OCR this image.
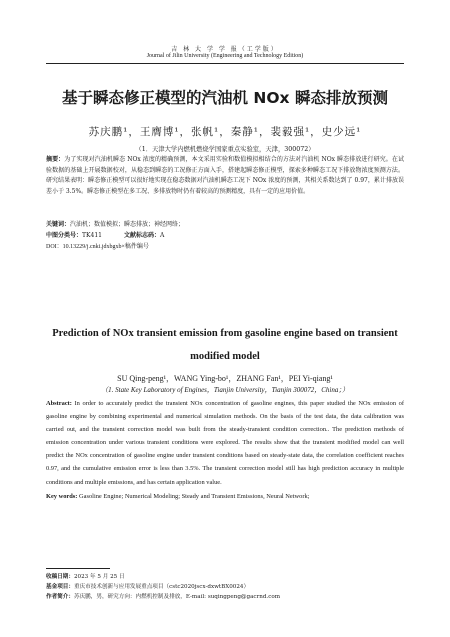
吉 林 大 学 学 报（工学版）
Journal of Jilin University (Engineering and Technology Edition)
基于瞬态修正模型的汽油机 NOx 瞬态排放预测
苏庆鹏¹，王膺博¹，张帆¹，秦静¹，裴毅强¹，史少远¹
（1．天津大学内燃机燃烧学国家重点实验室，天津，300072）
摘要：为了实现对汽油机瞬态 NOx 浓度的精确预测，本文采用实验和数值模拟相结合的方法对汽油机 NOx 瞬态排放进行研究。在试验数据的基础上开展数据校对，从稳态到瞬态的工况修正方面入手，搭建起瞬态修正模型，探索多种瞬态工况下排放物浓度预测方法。研究结果表明：瞬态修正模型可以很好地实现在稳态数据对汽油机瞬态工况下 NOx 浓度的预测，其相关系数达到了 0.97，累计排放误差小于 3.5%。瞬态修正模型在多工况、多排放物时仍有着较高的预测精度，具有一定的应用价值。
关键词：汽油机；数值模拟；瞬态排放；神经网络；
中图分类号：TK411	文献标志码：A
DOI：10.13229/j.cnki.jdxbgxb×稿件编号
Prediction of NOx transient emission from gasoline engine based on transient modified model
SU Qing-peng¹，WANG Ying-bo¹，ZHANG Fan¹，PEI Yi-qiang¹
（1. State Key Laboratory of Engines，Tianjin University，Tianjin 300072，China；）
Abstract: In order to accurately predict the transient NOx concentration of gasoline engines, this paper studied the NOx emission of gasoline engine by combining experimental and numerical simulation methods. On the basis of the test data, the data calibration was carried out, and the transient correction model was built from the steady-transient condition correction.. The prediction methods of emission concentration under various transient conditions were explored. The results show that the transient modified model can well predict the NOx concentration of gasoline engine under transient conditions based on steady-state data, the correlation coefficient reaches 0.97, and the cumulative emission error is less than 3.5%. The transient correction model still has high prediction accuracy in multiple conditions and multiple emissions, and has certain application value.
Key words: Gasoline Engine; Numerical Modeling; Steady and Transient Emissions, Neural Network;
收稿日期：2023 年 5 月 25 日
基金项目：重庆市技术创新与应用发展重点项目（cstc2020jscx-dxwtBX0024）
作者简介：苏庆鹏，男，研究方向：内燃机控制及排放，E-mail: suqingpeng@gacrnd.com
